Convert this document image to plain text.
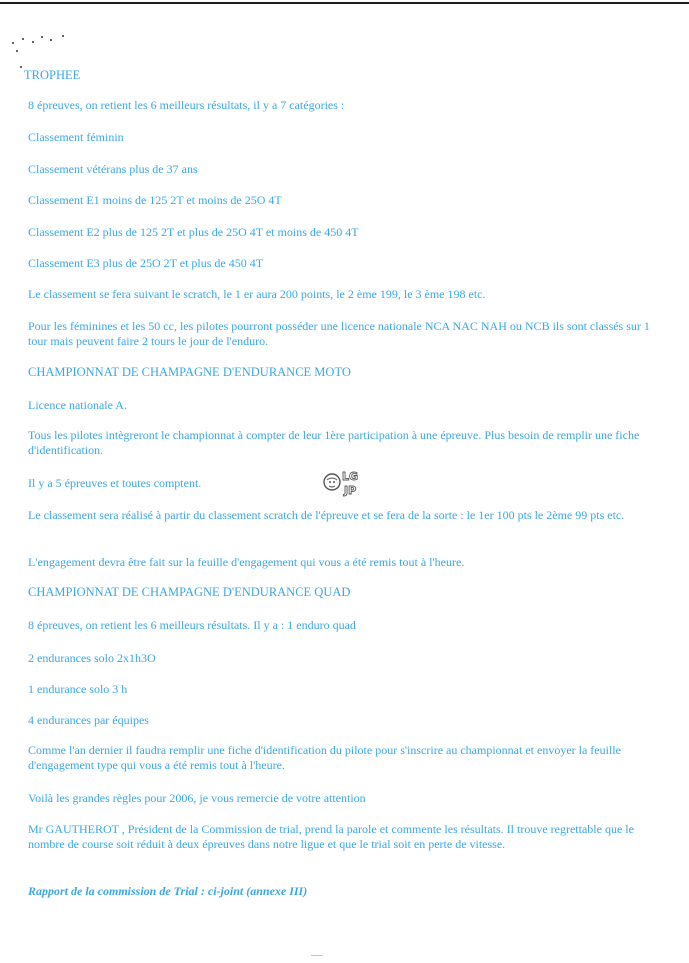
TROPHEE

8 épreuves, on retient les 6 meilleurs résultats, il y a 7 catégories :

Classement féminin

Classement vétérans plus de 37 ans

Classement E1 moins de 125 2T et moins de 25O 4T

Classement E2 plus de 125 2T et plus de 25O 4T et moins de 450 4T

Classement E3 plus de 25O 2T et plus de 450 4T

Le classement se fera suivant le scratch, le 1 er aura 200 points, le 2 ème 199, le 3 ème 198 etc.

Pour les féminines et les 50 cc, les pilotes pourront posséder une licence nationale NCA NAC NAH ou NCB ils sont classés sur 1 tour mais peuvent faire 2 tours le jour de l'enduro.

CHAMPIONNAT DE CHAMPAGNE D'ENDURANCE MOTO

Licence nationale A.

Tous les pilotes intègreront le championnat à compter de leur 1ère participation à une épreuve. Plus besoin de remplir une fiche d'identification.

Il y a 5 épreuves et toutes comptent.

Le classement sera réalisé à partir du classement scratch de l'épreuve et se fera de la sorte : le 1er 100 pts le 2ème 99 pts etc.

L'engagement devra être fait sur la feuille d'engagement qui vous a été remis tout à l'heure.

CHAMPIONNAT DE CHAMPAGNE D'ENDURANCE QUAD

8 épreuves, on retient les 6 meilleurs résultats. Il y a : 1 enduro quad

2 endurances solo 2x1h3O

1 endurance solo 3 h

4 endurances par équipes

Comme l'an dernier il faudra remplir une fiche d'identification du pilote pour s'inscrire au championnat et envoyer la feuille d'engagement type qui vous a été remis tout à l'heure.

Voilà les grandes règles pour 2006, je vous remercie de votre attention

Mr GAUTHEROT , Président de la Commission de trial, prend la parole et commente les résultats. Il trouve regrettable que le nombre de course soit réduit à deux épreuves dans notre ligue et que le trial soit en perte de vitesse.

Rapport de la commission de Trial : ci-joint (annexe III)

LG
JP
